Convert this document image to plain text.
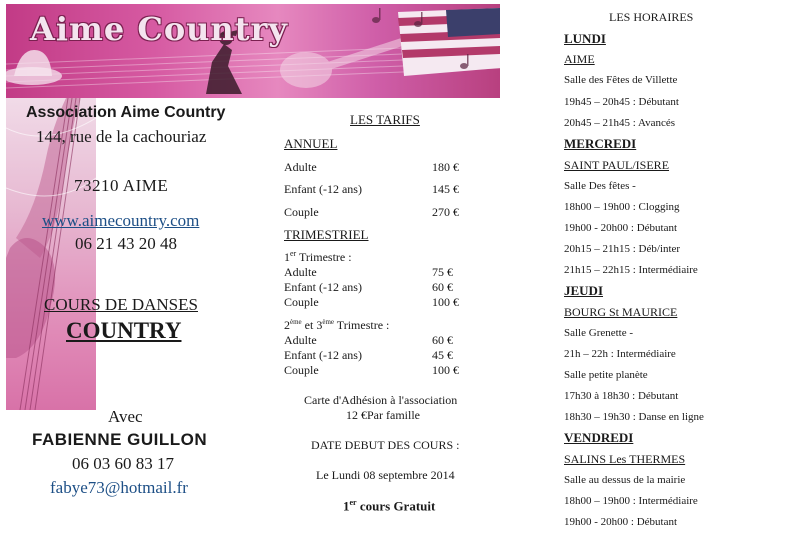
Aime Country
Association Aime Country
144, rue de la cachouriaz
73210 AIME
www.aimecountry.com
06 21 43 20 48
COURS DE DANSES
COUNTRY
Avec
FABIENNE GUILLON
06 03 60 83 17
fabye73@hotmail.fr
LES TARIFS
ANNUEL
Adulte	180 €
Enfant (-12 ans)	145 €
Couple	270 €
TRIMESTRIEL
1er Trimestre :
Adulte	75 €
Enfant (-12 ans)	60 €
Couple	100 €
2ème et 3ème Trimestre :
Adulte	60 €
Enfant (-12 ans)	45 €
Couple	100 €
Carte d'Adhésion à l'association
12 €Par famille
DATE DEBUT DES COURS :
Le Lundi 08 septembre 2014
1er cours Gratuit
LES HORAIRES
LUNDI
AIME
Salle des Fêtes de Villette
19h45 – 20h45 : Débutant
20h45 – 21h45 : Avancés
MERCREDI
SAINT PAUL/ISERE
Salle Des fêtes -
18h00 – 19h00 : Clogging
19h00 - 20h00 : Débutant
20h15 – 21h15 : Déb/inter
21h15 – 22h15 : Intermédiaire
JEUDI
BOURG St MAURICE
Salle Grenette -
21h – 22h : Intermédiaire
Salle petite planète
17h30 à 18h30 : Débutant
18h30 – 19h30 : Danse en ligne
VENDREDI
SALINS Les THERMES
Salle au dessus de la mairie
18h00 – 19h00 : Intermédiaire
19h00 - 20h00 : Débutant
